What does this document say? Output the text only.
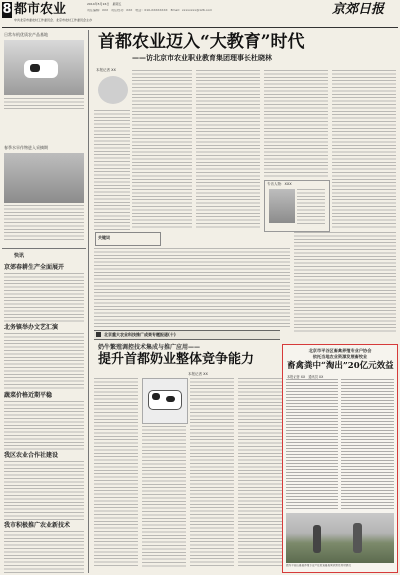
8 都市农业	2014年5月16日　星期五
责任编辑：XXX　责任校对：XXX　电话：010-XXXXXXXX　Email：xxxxxxxx@126.com	京郊日报
中共北京市委农村工作委员会、北京市农村工作委员会主办
日常车机优质农产品基地
春季水旱作物进入采摘期
快讯
京郊春耕生产全面展开
北务镇举办文艺汇演
蔬菜价格近期平稳
我区农业合作社建设
我市积极推广农业新技术
首都农业迈入“大教育”时代
——访北京市农业职业教育集团理事长杜晓林
本报记者 XX
专访人物：XXX
关键词
北京重大农业科技推广成果专题报道(十)
奶牛繁殖调控技术集成与推广应用——
提升首都奶业整体竞争能力
本报记者 XX
北京市平谷区畜禽养殖专业户协会
依托当地农业资源发展畜牧业
畜禽粪中“淘出”20亿元效益
本报记者 XX　通讯员 XX
图为平谷区畜禽养殖专业户在检查畜禽粪资源化利用情况
